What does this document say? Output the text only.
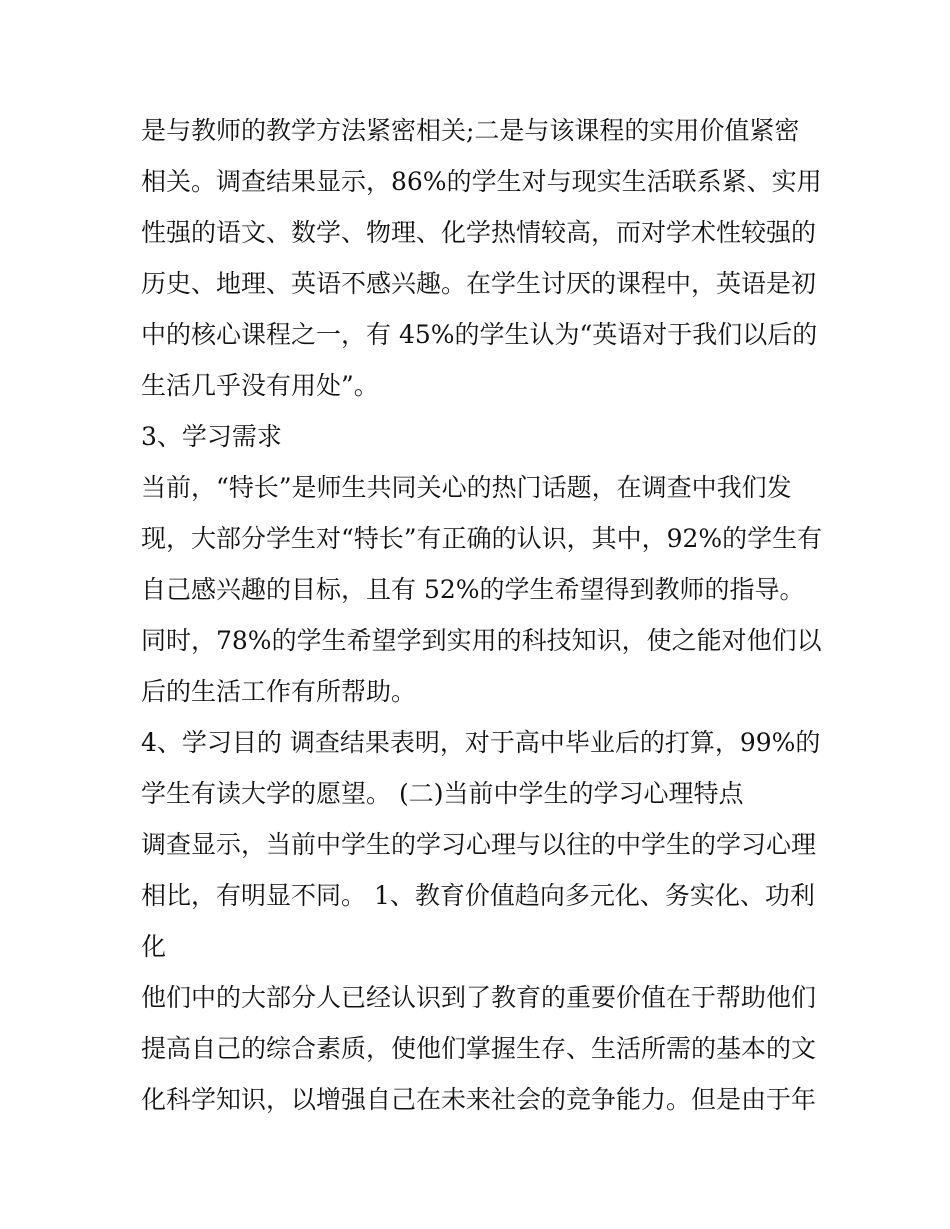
是与教师的教学方法紧密相关;二是与该课程的实用价值紧密
相关。调查结果显示，86%的学生对与现实生活联系紧、实用
性强的语文、数学、物理、化学热情较高，而对学术性较强的
历史、地理、英语不感兴趣。在学生讨厌的课程中，英语是初
中的核心课程之一，有 45%的学生认为“英语对于我们以后的
生活几乎没有用处”。
3、学习需求
当前，“特长”是师生共同关心的热门话题，在调查中我们发
现，大部分学生对“特长”有正确的认识，其中，92%的学生有
自己感兴趣的目标，且有 52%的学生希望得到教师的指导。
同时，78%的学生希望学到实用的科技知识，使之能对他们以
后的生活工作有所帮助。
4、学习目的 调查结果表明，对于高中毕业后的打算，99%的
学生有读大学的愿望。 (二)当前中学生的学习心理特点
调查显示，当前中学生的学习心理与以往的中学生的学习心理
相比，有明显不同。 1、教育价值趋向多元化、务实化、功利
化
他们中的大部分人已经认识到了教育的重要价值在于帮助他们
提高自己的综合素质，使他们掌握生存、生活所需的基本的文
化科学知识，以增强自己在未来社会的竞争能力。但是由于年
